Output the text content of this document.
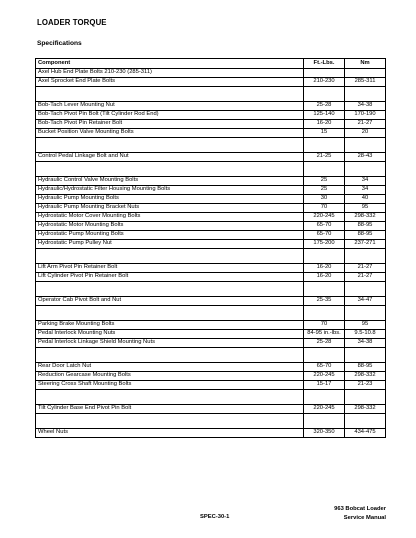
LOADER TORQUE
Specifications
Component	Ft.-Lbs.	Nm
Axel Hub End Plate Bolts 210-230 (285-311)		
Axel Sprocket End Plate Bolts	210-230	285-311

Bob-Tach Lever Mounting Nut	25-28	34-38
Bob-Tach Pivot Pin Bolt (Tilt Cylinder Rod End)	125-140	170-190
Bob-Tach Pivot Pin Retainer Bolt	16-20	21-27
Bucket Position Valve Mounting Bolts	15	20

Control Pedal Linkage Bolt and Nut	21-25	28-43

Hydraulic Control Valve Mounting Bolts	25	34
Hydraulic/Hydrostatic Filter Housing Mounting Bolts	25	34
Hydraulic Pump Mounting Bolts	30	40
Hydraulic Pump Mounting Bracket Nuts	70	95
Hydrostatic Motor Cover Mounting Bolts	220-245	298-332
Hydrostatic Motor Mounting Bolts	65-70	88-95
Hydrostatic Pump Mounting Bolts	65-70	88-95
Hydrostatic Pump Pulley Nut	175-200	237-271

Lift Arm Pivot Pin Retainer Bolt	16-20	21-27
Lift Cylinder Pivot Pin Retainer Bolt	16-20	21-27

Operator Cab Pivot Bolt and Nut	25-35	34-47

Parking Brake Mounting Bolts	70	95
Pedal Interlock Mounting Nuts	84-95 in.-lbs.	9.5-10.8
Pedal Interlock Linkage Shield Mounting Nuts	25-28	34-38

Rear Door Latch Nut	65-70	88-95
Reduction Gearcase Mounting Bolts	220-245	298-332
Steering Cross Shaft Mounting Bolts	15-17	21-23

Tilt Cylinder Base End Pivot Pin Bolt	220-245	298-332

Wheel Nuts	320-350	434-475
SPEC-30-1
963 Bobcat Loader
Service Manual
